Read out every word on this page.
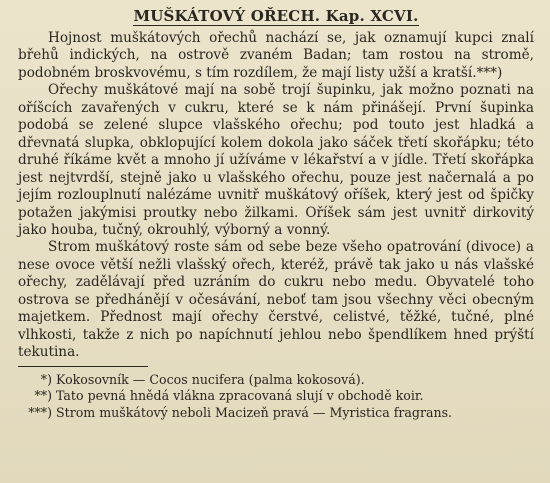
MUŠKÁTOVÝ OŘECH. Kap. XCVI.

Hojnost muškátových ořechů nachází se, jak oznamují kupci znalí břehů indických, na ostrově zvaném Badan; tam rostou na stromě, podobném broskvovému, s tím rozdílem, že mají listy užší a kratší.***)

Ořechy muškátové mají na sobě trojí šupinku, jak možno poznati na oříšcích zavařených v cukru, které se k nám přinášejí. První šupinka podobá se zelené slupce vlašského ořechu; pod touto jest hladká a dřevnatá slupka, obklopující kolem dokola jako sáček třetí skořápku; této druhé říkáme květ a mnoho jí užíváme v lékařství a v jídle. Třetí skořápka jest nejtvrdší, stejně jako u vlašského ořechu, pouze jest načernalá a po jejím rozlouplnutí nalézáme uvnitř muškátový oříšek, který jest od špičky potažen jakýmisi proutky nebo žilkami. Oříšek sám jest uvnitř dirkovitý jako houba, tučný, okrouhlý, výborný a vonný.

Strom muškátový roste sám od sebe beze všeho opatrování (divoce) a nese ovoce větší nežli vlašský ořech, kteréž, právě tak jako u nás vlašské ořechy, zadělávají před uzráním do cukru nebo medu. Obyvatelé toho ostrova se předhánějí v očesávání, neboť tam jsou všechny věci obecným majetkem. Přednost mají ořechy čerstvé, celistvé, těžké, tučné, plné vlhkosti, takže z nich po napíchnutí jehlou nebo špendlíkem hned prýští tekutina.

*) Kokosovník — Cocos nucifera (palma kokosová).

**) Tato pevná hnědá vlákna zpracovaná slují v obchodě koir.

***) Strom muškátový neboli Macizeň pravá — Myristica fragrans.
